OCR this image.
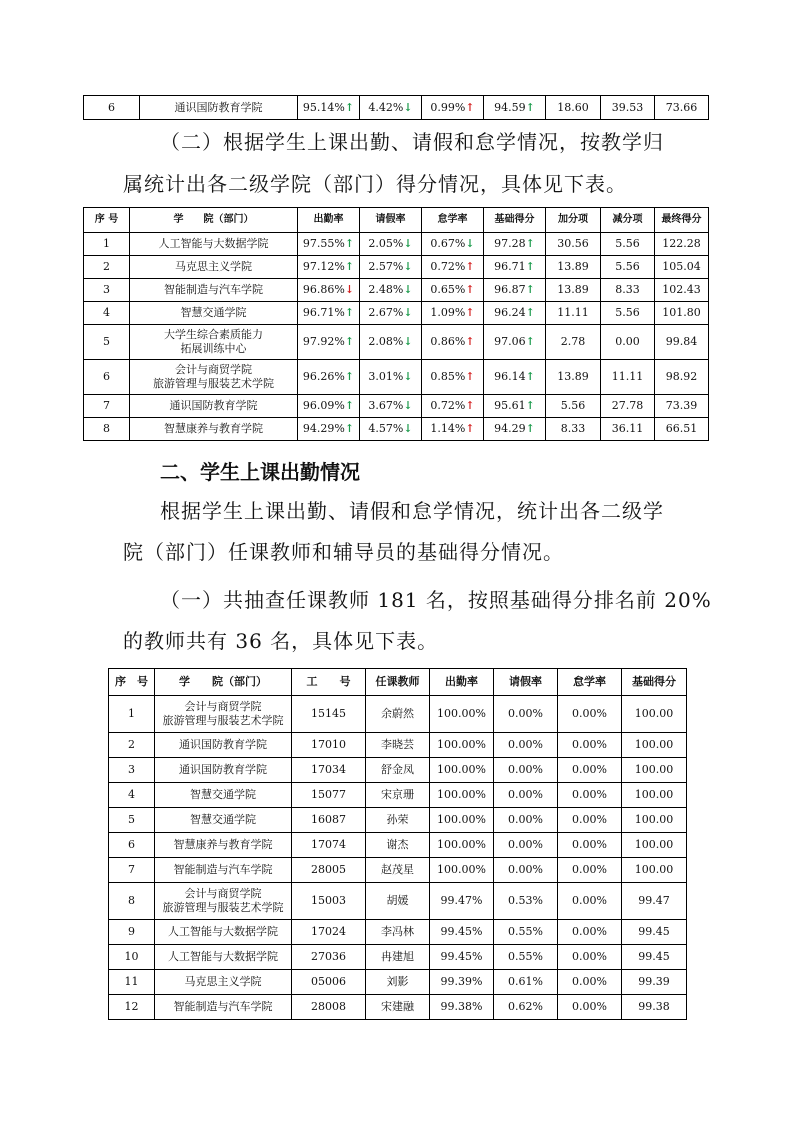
6	通识国防教育学院	95.14%↑	4.42%↓	0.99%↑	94.59↑	18.60	39.53	73.66

（二）根据学生上课出勤、请假和怠学情况，按教学归

属统计出各二级学院（部门）得分情况，具体见下表。

序 号	学　　院（部门）	出勤率	请假率	怠学率	基础得分	加分项	减分项	最终得分
1	人工智能与大数据学院	97.55%↑	2.05%↓	0.67%↓	97.28↑	30.56	5.56	122.28
2	马克思主义学院	97.12%↑	2.57%↓	0.72%↑	96.71↑	13.89	5.56	105.04
3	智能制造与汽车学院	96.86%↓	2.48%↓	0.65%↑	96.87↑	13.89	8.33	102.43
4	智慧交通学院	96.71%↑	2.67%↓	1.09%↑	96.24↑	11.11	5.56	101.80
5	大学生综合素质能力
拓展训练中心	97.92%↑	2.08%↓	0.86%↑	97.06↑	2.78	0.00	99.84
6	会计与商贸学院
旅游管理与服装艺术学院	96.26%↑	3.01%↓	0.85%↑	96.14↑	13.89	11.11	98.92
7	通识国防教育学院	96.09%↑	3.67%↓	0.72%↑	95.61↑	5.56	27.78	73.39
8	智慧康养与教育学院	94.29%↑	4.57%↓	1.14%↑	94.29↑	8.33	36.11	66.51

二、学生上课出勤情况

根据学生上课出勤、请假和怠学情况，统计出各二级学

院（部门）任课教师和辅导员的基础得分情况。

（一）共抽查任课教师 181 名，按照基础得分排名前 20%

的教师共有 36 名，具体见下表。

序　号	学　　院（部门）	工　　号	任课教师	出勤率	请假率	怠学率	基础得分
1	会计与商贸学院
旅游管理与服装艺术学院	15145	余蔚然	100.00%	0.00%	0.00%	100.00
2	通识国防教育学院	17010	李晓芸	100.00%	0.00%	0.00%	100.00
3	通识国防教育学院	17034	舒金凤	100.00%	0.00%	0.00%	100.00
4	智慧交通学院	15077	宋京珊	100.00%	0.00%	0.00%	100.00
5	智慧交通学院	16087	孙荣	100.00%	0.00%	0.00%	100.00
6	智慧康养与教育学院	17074	谢杰	100.00%	0.00%	0.00%	100.00
7	智能制造与汽车学院	28005	赵茂星	100.00%	0.00%	0.00%	100.00
8	会计与商贸学院
旅游管理与服装艺术学院	15003	胡媛	99.47%	0.53%	0.00%	99.47
9	人工智能与大数据学院	17024	李冯林	99.45%	0.55%	0.00%	99.45
10	人工智能与大数据学院	27036	冉建旭	99.45%	0.55%	0.00%	99.45
11	马克思主义学院	05006	刘影	99.39%	0.61%	0.00%	99.39
12	智能制造与汽车学院	28008	宋建融	99.38%	0.62%	0.00%	99.38
